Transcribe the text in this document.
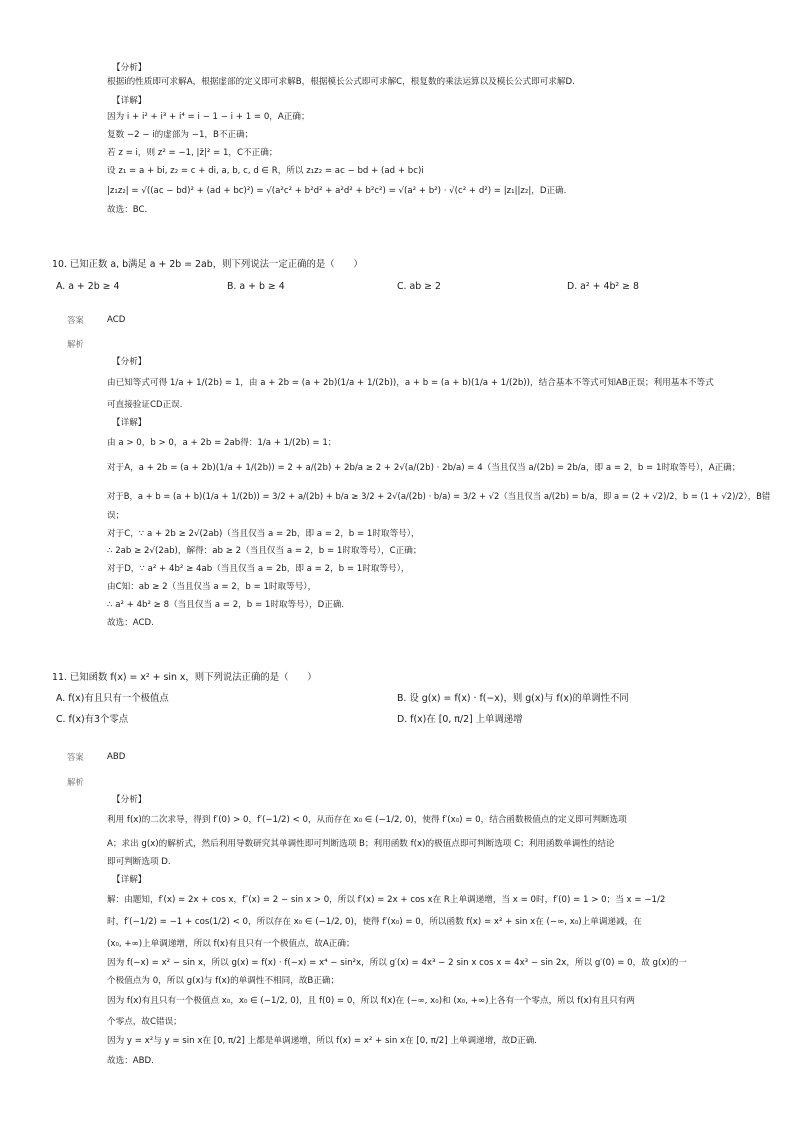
【分析】
根据i的性质即可求解A，根据虚部的定义即可求解B，根据模长公式即可求解C，根复数的乘法运算以及模长公式即可求解D.
【详解】
因为 i + i² + i³ + i⁴ = i − 1 − i + 1 = 0，A正确；
复数 −2 − i的虚部为 −1，B不正确；
若 z = i，则 z² = −1, |z̄|² = 1，C不正确；
设 z₁ = a + bi, z₂ = c + di, a, b, c, d ∈ R，所以 z₁z₂ = ac − bd + (ad + bc)i
|z₁z₂| = √((ac − bd)² + (ad + bc)²) = √(a²c² + b²d² + a²d² + b²c²) = √(a² + b²) · √(c² + d²) = |z₁||z₂|，D正确.
故选：BC.
10. 已知正数 a, b满足 a + 2b = 2ab，则下列说法一定正确的是（　　）
A. a + 2b ≥ 4	B. a + b ≥ 4	C. ab ≥ 2	D. a² + 4b² ≥ 8
答案	ACD
解析
【分析】
由已知等式可得 1/a + 1/(2b) = 1，由 a + 2b = (a + 2b)(1/a + 1/(2b))，a + b = (a + b)(1/a + 1/(2b))，结合基本不等式可知AB正误；利用基本不等式
可直接验证CD正误.
【详解】
由 a > 0，b > 0，a + 2b = 2ab得：1/a + 1/(2b) = 1；
对于A，a + 2b = (a + 2b)(1/a + 1/(2b)) = 2 + a/(2b) + 2b/a ≥ 2 + 2√(a/(2b) · 2b/a) = 4（当且仅当 a/(2b) = 2b/a，即 a = 2，b = 1时取等号），A正确；
对于B，a + b = (a + b)(1/a + 1/(2b)) = 3/2 + a/(2b) + b/a ≥ 3/2 + 2√(a/(2b) · b/a) = 3/2 + √2（当且仅当 a/(2b) = b/a，即 a = (2 + √2)/2，b = (1 + √2)/2），B错
误；
对于C，∵ a + 2b ≥ 2√(2ab)（当且仅当 a = 2b，即 a = 2，b = 1时取等号），
∴ 2ab ≥ 2√(2ab)，解得：ab ≥ 2（当且仅当 a = 2，b = 1时取等号），C正确；
对于D，∵ a² + 4b² ≥ 4ab（当且仅当 a = 2b，即 a = 2，b = 1时取等号），
由C知：ab ≥ 2（当且仅当 a = 2，b = 1时取等号），
∴ a² + 4b² ≥ 8（当且仅当 a = 2，b = 1时取等号），D正确.
故选：ACD.
11. 已知函数 f(x) = x² + sin x，则下列说法正确的是（　　）
A. f(x)有且只有一个极值点	B. 设 g(x) = f(x) · f(−x)，则 g(x)与 f(x)的单调性不同
C. f(x)有3个零点	D. f(x)在 [0, π/2] 上单调递增
答案	ABD
解析
【分析】
利用 f(x)的二次求导，得到 f′(0) > 0，f′(−1/2) < 0，从而存在 x₀ ∈ (−1/2, 0)，使得 f′(x₀) = 0，结合函数极值点的定义即可判断选项
A；求出 g(x)的解析式，然后利用导数研究其单调性即可判断选项 B；利用函数 f(x)的极值点即可判断选项 C；利用函数单调性的结论
即可判断选项 D.
【详解】
解：由题知，f′(x) = 2x + cos x，f″(x) = 2 − sin x > 0，所以 f′(x) = 2x + cos x在 R上单调递增，当 x = 0时，f′(0) = 1 > 0；当 x = −1/2
时，f′(−1/2) = −1 + cos(1/2) < 0，所以存在 x₀ ∈ (−1/2, 0)，使得 f′(x₀) = 0，所以函数 f(x) = x² + sin x在 (−∞, x₀)上单调递减，在
(x₀, +∞)上单调递增，所以 f(x)有且只有一个极值点，故A正确；
因为 f(−x) = x² − sin x，所以 g(x) = f(x) · f(−x) = x⁴ − sin²x，所以 g′(x) = 4x³ − 2 sin x cos x = 4x³ − sin 2x，所以 g′(0) = 0，故 g(x)的一
个极值点为 0，所以 g(x)与 f(x)的单调性不相同，故B正确；
因为 f(x)有且只有一个极值点 x₀，x₀ ∈ (−1/2, 0)，且 f(0) = 0，所以 f(x)在 (−∞, x₀)和 (x₀, +∞)上各有一个零点，所以 f(x)有且只有两
个零点，故C错误；
因为 y = x²与 y = sin x在 [0, π/2] 上都是单调递增，所以 f(x) = x² + sin x在 [0, π/2] 上单调递增，故D正确.
故选：ABD.
